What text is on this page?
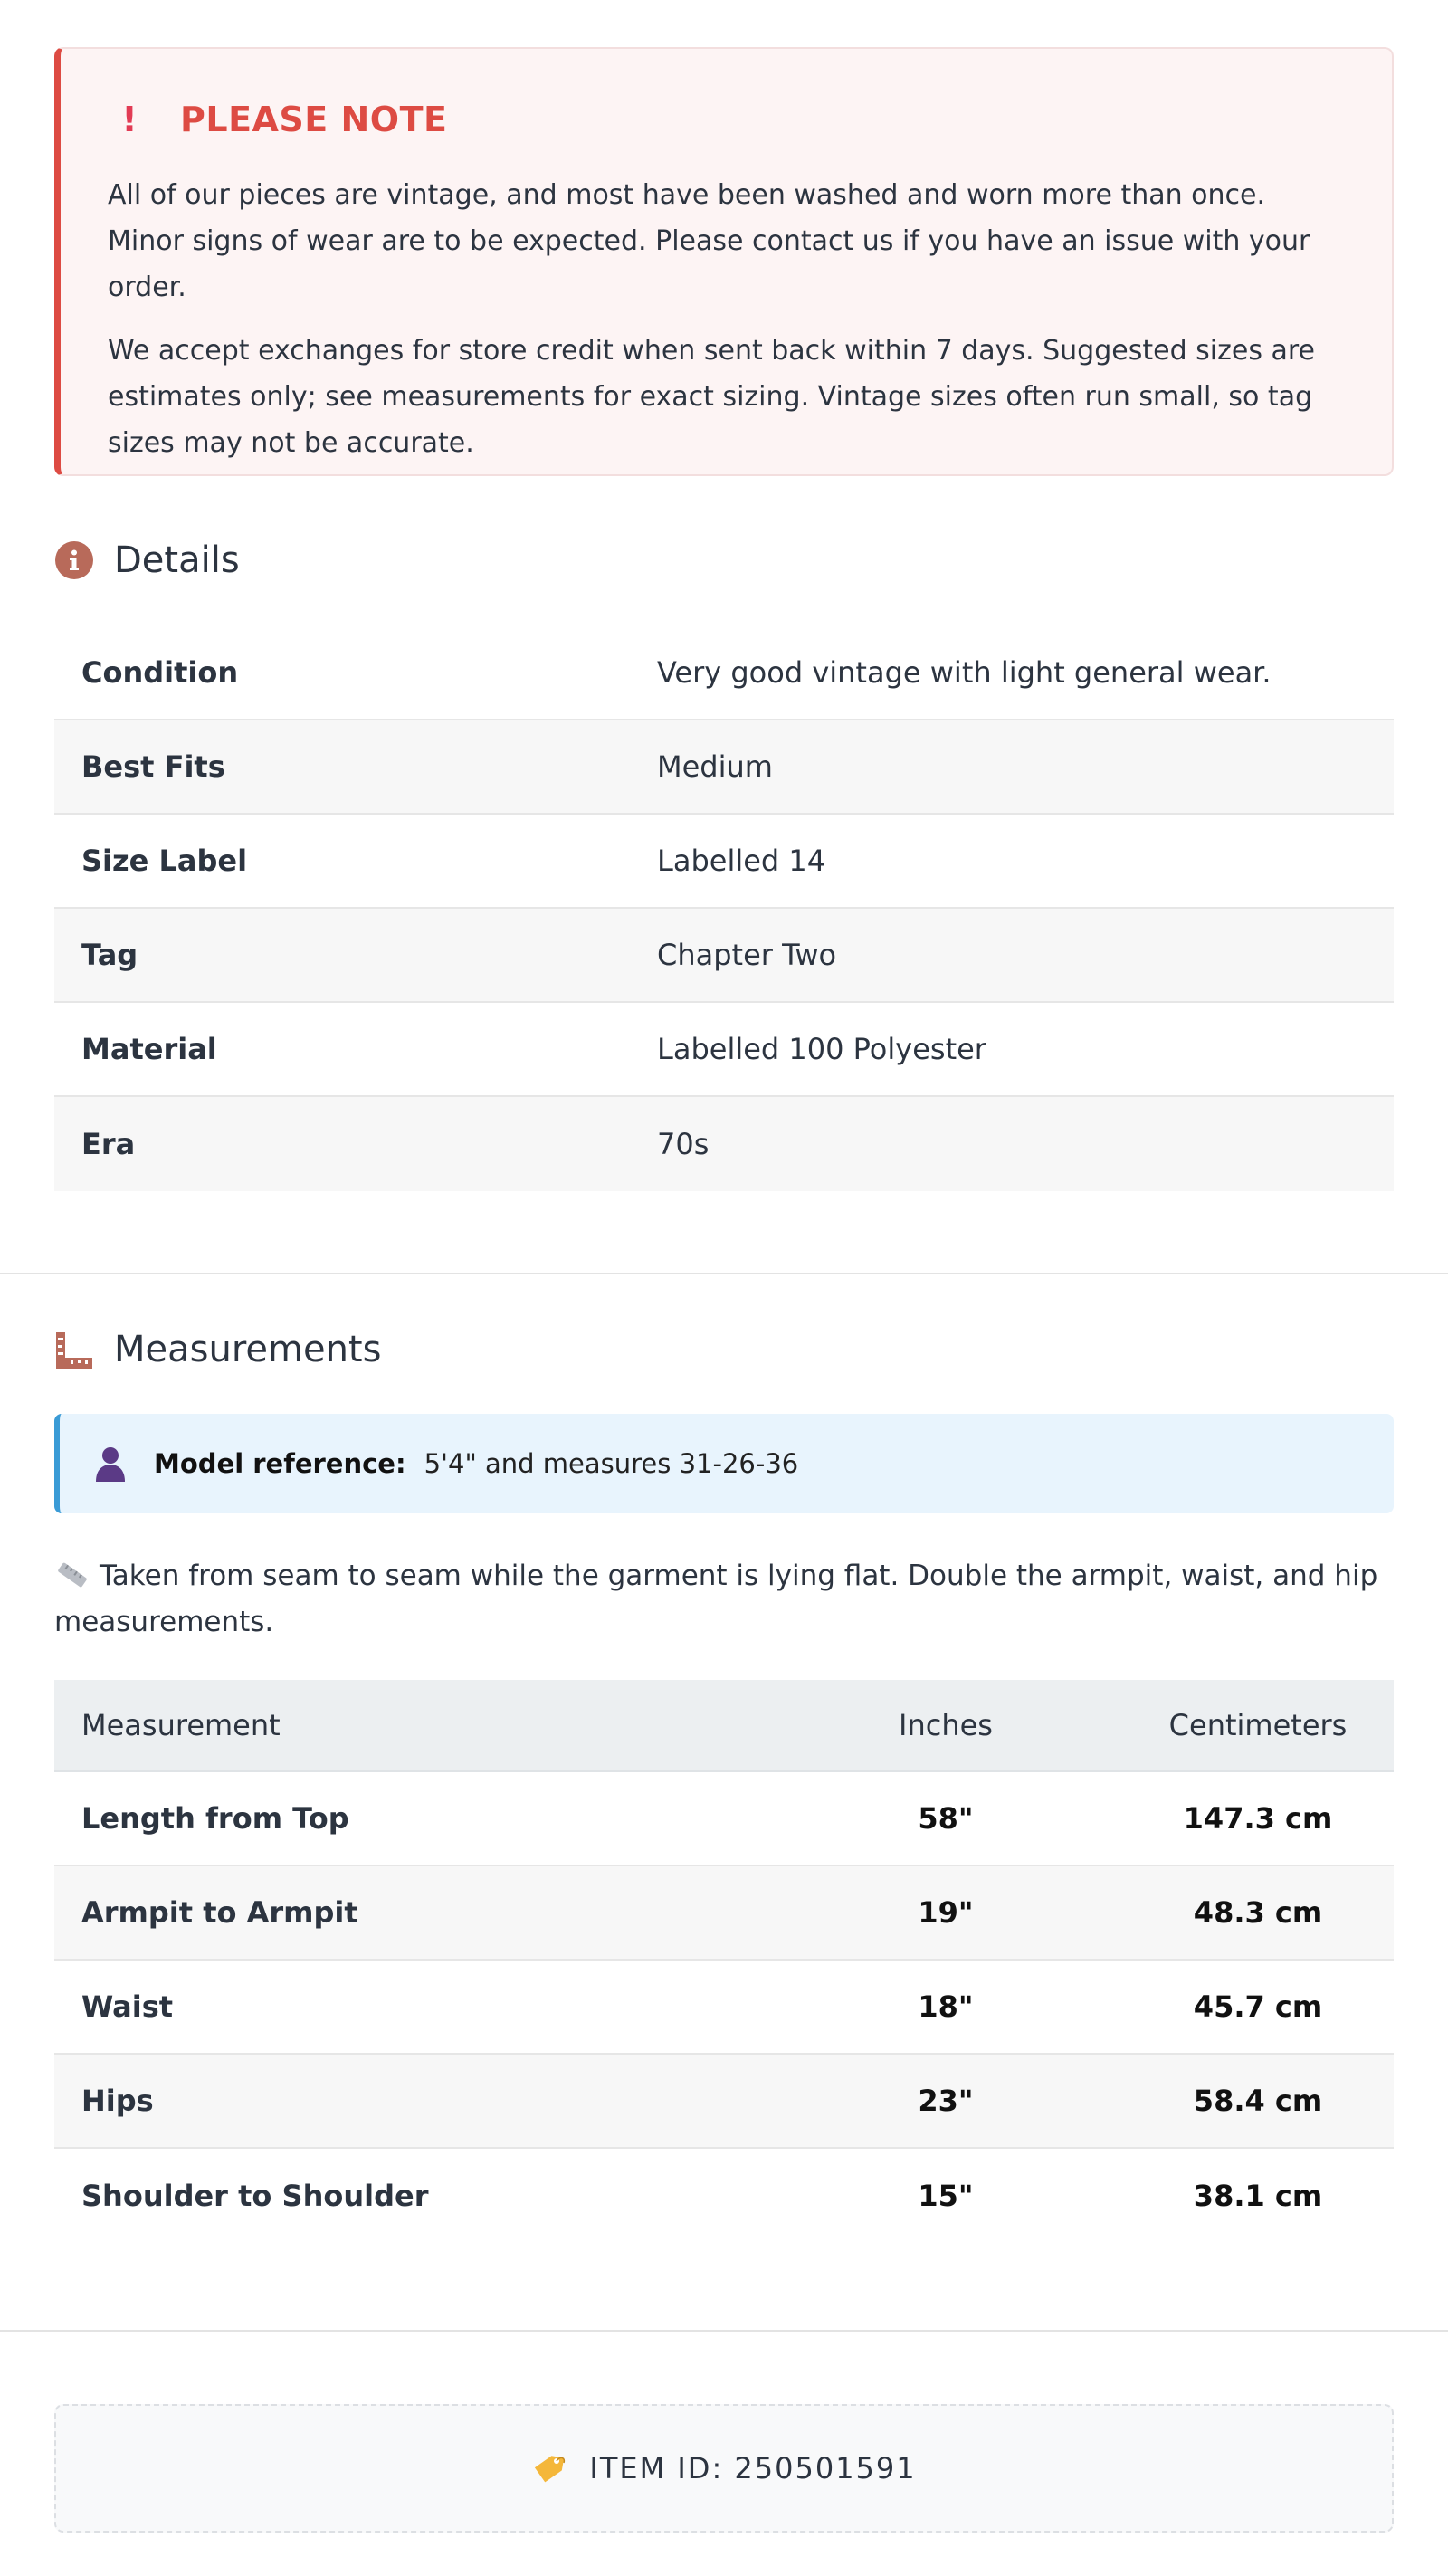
! PLEASE NOTE

All of our pieces are vintage, and most have been washed and worn more than once. Minor signs of wear are to be expected. Please contact us if you have an issue with your order.

We accept exchanges for store credit when sent back within 7 days. Suggested sizes are estimates only; see measurements for exact sizing. Vintage sizes often run small, so tag sizes may not be accurate.

Details
Condition	Very good vintage with light general wear.
Best Fits	Medium
Size Label	Labelled 14
Tag	Chapter Two
Material	Labelled 100 Polyester
Era	70s
Measurements
Model reference: 5'4" and measures 31-26-36
Taken from seam to seam while the garment is lying flat. Double the armpit, waist, and hip measurements.
Measurement	Inches	Centimeters
Length from Top	58"	147.3 cm
Armpit to Armpit	19"	48.3 cm
Waist	18"	45.7 cm
Hips	23"	58.4 cm
Shoulder to Shoulder	15"	38.1 cm
ITEM ID: 250501591
